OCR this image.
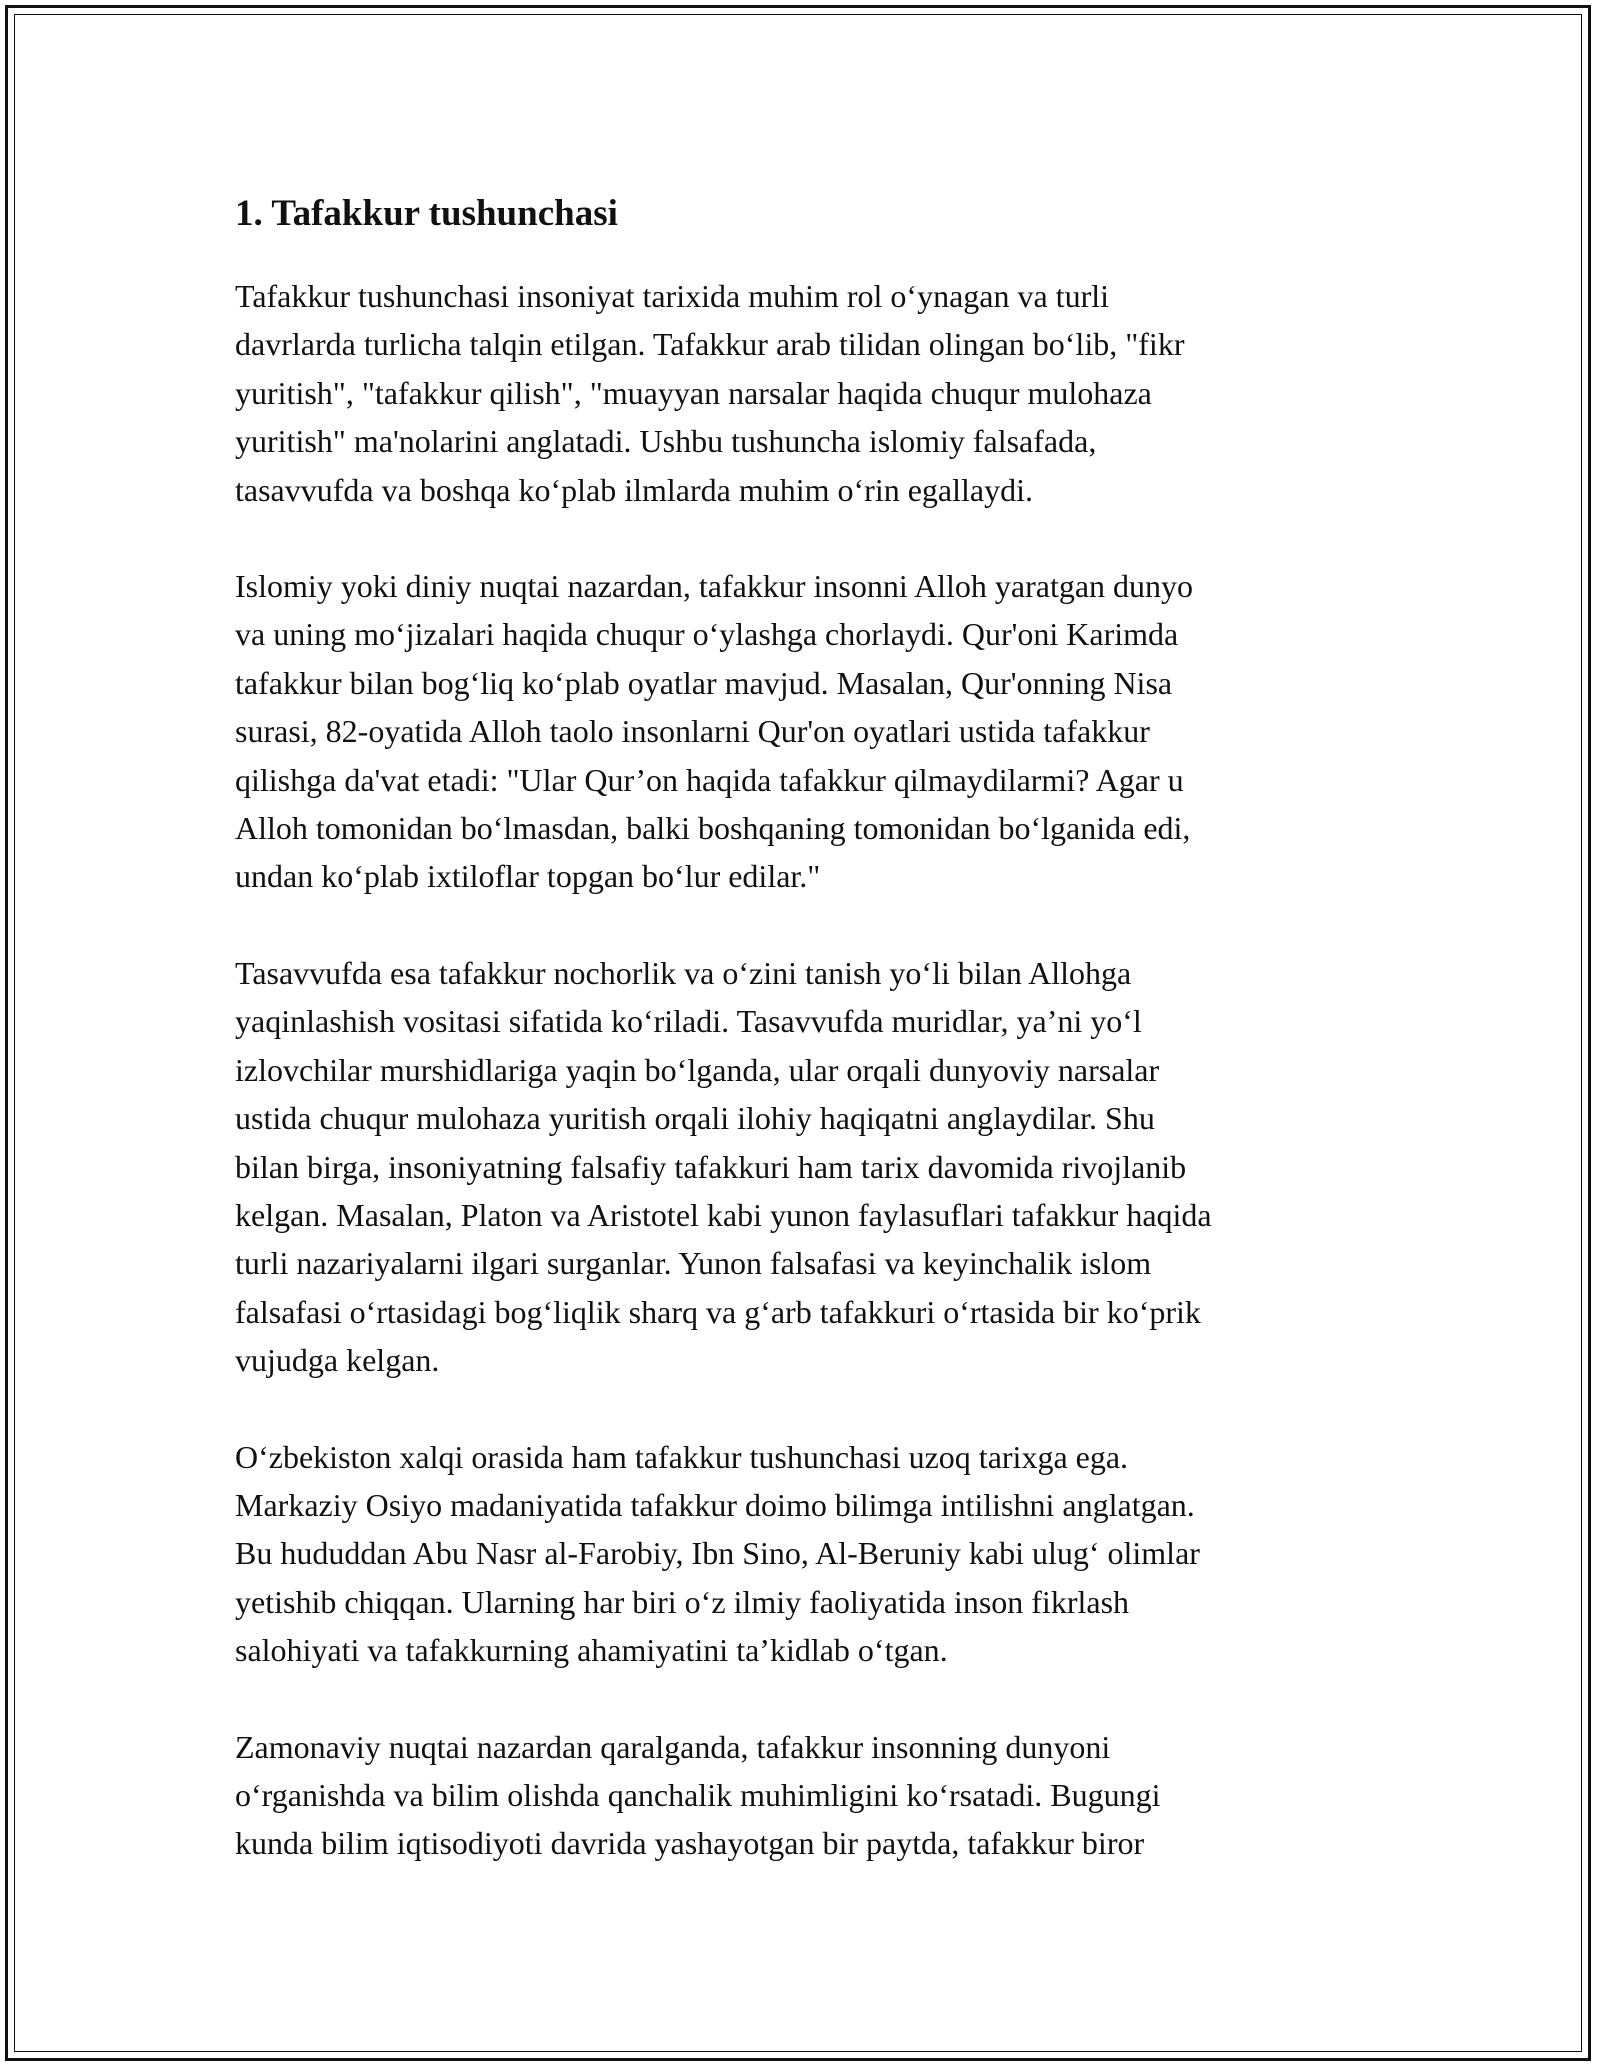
1. Tafakkur tushunchasi

Tafakkur tushunchasi insoniyat tarixida muhim rol o‘ynagan va turli
davrlarda turlicha talqin etilgan. Tafakkur arab tilidan olingan bo‘lib, "fikr
yuritish", "tafakkur qilish", "muayyan narsalar haqida chuqur mulohaza
yuritish" ma'nolarini anglatadi. Ushbu tushuncha islomiy falsafada,
tasavvufda va boshqa ko‘plab ilmlarda muhim o‘rin egallaydi.

Islomiy yoki diniy nuqtai nazardan, tafakkur insonni Alloh yaratgan dunyo
va uning mo‘jizalari haqida chuqur o‘ylashga chorlaydi. Qur'oni Karimda
tafakkur bilan bog‘liq ko‘plab oyatlar mavjud. Masalan, Qur'onning Nisa
surasi, 82-oyatida Alloh taolo insonlarni Qur'on oyatlari ustida tafakkur
qilishga da'vat etadi: "Ular Qur’on haqida tafakkur qilmaydilarmi? Agar u
Alloh tomonidan bo‘lmasdan, balki boshqaning tomonidan bo‘lganida edi,
undan ko‘plab ixtiloflar topgan bo‘lur edilar."

Tasavvufda esa tafakkur nochorlik va o‘zini tanish yo‘li bilan Allohga
yaqinlashish vositasi sifatida ko‘riladi. Tasavvufda muridlar, ya’ni yo‘l
izlovchilar murshidlariga yaqin bo‘lganda, ular orqali dunyoviy narsalar
ustida chuqur mulohaza yuritish orqali ilohiy haqiqatni anglaydilar. Shu
bilan birga, insoniyatning falsafiy tafakkuri ham tarix davomida rivojlanib
kelgan. Masalan, Platon va Aristotel kabi yunon faylasuflari tafakkur haqida
turli nazariyalarni ilgari surganlar. Yunon falsafasi va keyinchalik islom
falsafasi o‘rtasidagi bog‘liqlik sharq va g‘arb tafakkuri o‘rtasida bir ko‘prik
vujudga kelgan.

O‘zbekiston xalqi orasida ham tafakkur tushunchasi uzoq tarixga ega.
Markaziy Osiyo madaniyatida tafakkur doimo bilimga intilishni anglatgan.
Bu hududdan Abu Nasr al-Farobiy, Ibn Sino, Al-Beruniy kabi ulug‘ olimlar
yetishib chiqqan. Ularning har biri o‘z ilmiy faoliyatida inson fikrlash
salohiyati va tafakkurning ahamiyatini ta’kidlab o‘tgan.

Zamonaviy nuqtai nazardan qaralganda, tafakkur insonning dunyoni
o‘rganishda va bilim olishda qanchalik muhimligini ko‘rsatadi. Bugungi
kunda bilim iqtisodiyoti davrida yashayotgan bir paytda, tafakkur biror
